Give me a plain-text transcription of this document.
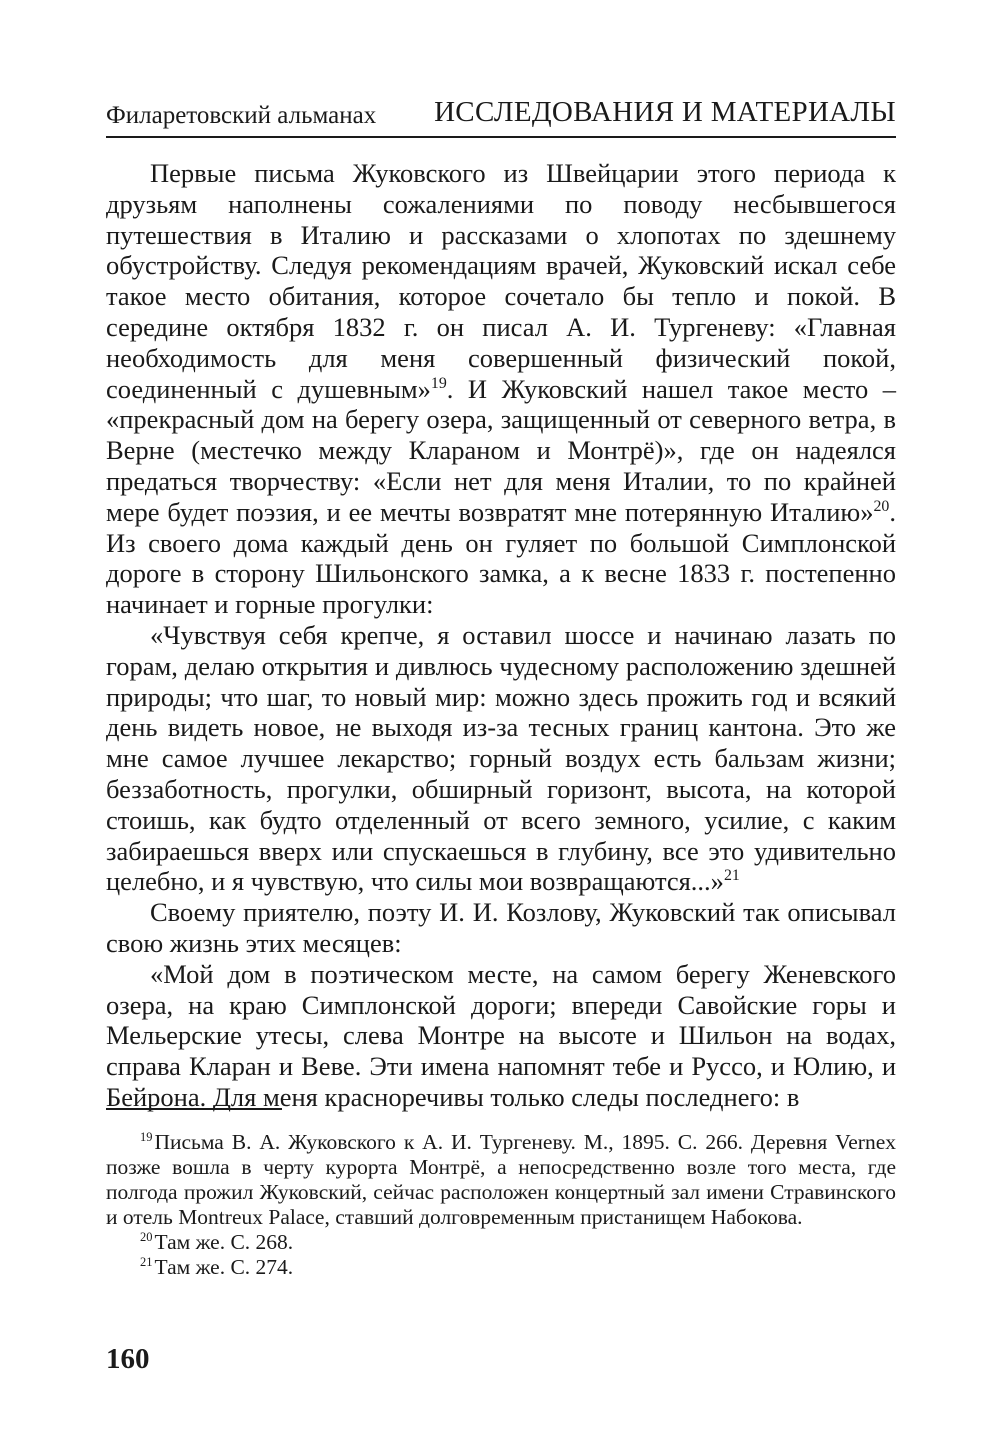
Филаретовский альманах ИССЛЕДОВАНИЯ И МАТЕРИАЛЫ

Первые письма Жуковского из Швейцарии этого периода к друзьям наполнены сожалениями по поводу несбывшегося путешествия в Италию и рассказами о хлопотах по здешнему обустройству. Следуя рекомендациям врачей, Жуковский искал себе такое место обитания, которое сочетало бы тепло и покой. В середине октября 1832 г. он писал А. И. Тургеневу: «Главная необходимость для меня совершенный физический покой, соединенный с душевным»$^{19}$. И Жуковский нашел такое место – «прекрасный дом на берегу озера, защищенный от северного ветра, в Верне (местечко между Клараном и Монтрё)», где он надеялся предаться творчеству: «Если нет для меня Италии, то по крайней мере будет поэзия, и ее мечты возвратят мне потерянную Италию»$^{20}$. Из своего дома каждый день он гуляет по большой Симплонской дороге в сторону Шильонского замка, а к весне 1833 г. постепенно начинает и горные прогулки:

«Чувствуя себя крепче, я оставил шоссе и начинаю лазать по горам, делаю открытия и дивлюсь чудесному расположению здешней природы; что шаг, то новый мир: можно здесь прожить год и всякий день видеть новое, не выходя из-за тесных границ кантона. Это же мне самое лучшее лекарство; горный воздух есть бальзам жизни; беззаботность, прогулки, обширный горизонт, высота, на которой стоишь, как будто отделенный от всего земного, усилие, с каким забираешься вверх или спускаешься в глубину, все это удивительно целебно, и я чувствую, что силы мои возвращаются...»$^{21}$

Своему приятелю, поэту И. И. Козлову, Жуковский так описывал свою жизнь этих месяцев:

«Мой дом в поэтическом месте, на самом берегу Женевского озера, на краю Симплонской дороги; впереди Савойские горы и Мельерские утесы, слева Монтре на высоте и Шильон на водах, справа Кларан и Веве. Эти имена напомнят тебе и Руссо, и Юлию, и Бейрона. Для меня красноречивы только следы последнего: в

$^{19}$Письма В. А. Жуковского к А. И. Тургеневу. М., 1895. С. 266. Деревня Vernex позже вошла в черту курорта Монтрё, а непосредственно возле того места, где полгода прожил Жуковский, сейчас расположен концертный зал имени Стравинского и отель Montreux Palace, ставший долговременным пристанищем Набокова.

$^{20}$Там же. С. 268.

$^{21}$Там же. С. 274.

160
